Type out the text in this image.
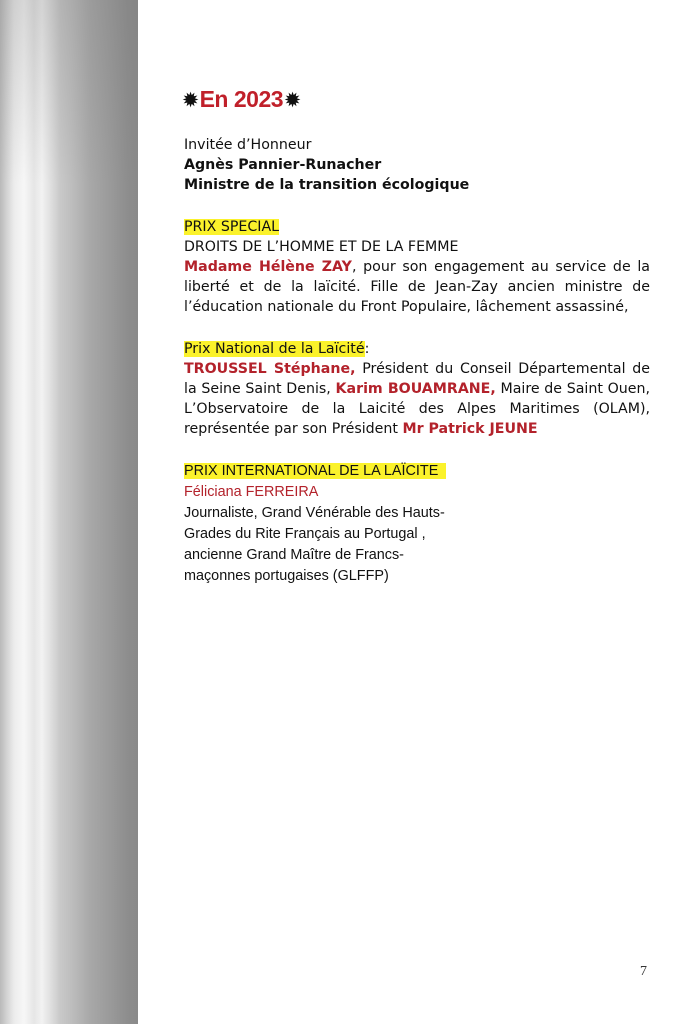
✹ En 2023 ✹
Invitée d’Honneur
Agnès Pannier-Runacher
Ministre de la transition écologique
PRIX SPECIAL
DROITS DE L’HOMME ET DE LA FEMME
Madame Hélène ZAY, pour son engagement au service de la liberté et de la laïcité. Fille de Jean-Zay ancien ministre de l’éducation nationale du Front Populaire, lâchement assassiné,
Prix National de la Laïcité:
TROUSSEL Stéphane, Président du Conseil Départemental de la Seine Saint Denis, Karim BOUAMRANE, Maire de Saint Ouen, L’Observatoire de la Laicité des Alpes Maritimes (OLAM), représentée par son Président Mr Patrick JEUNE
PRIX INTERNATIONAL DE LA LAÏCITE
Féliciana FERREIRA
Journaliste, Grand Vénérable des Hauts-
Grades du Rite Français au Portugal ,
ancienne Grand Maître de Francs-
maçonnes portugaises (GLFFP)
7
